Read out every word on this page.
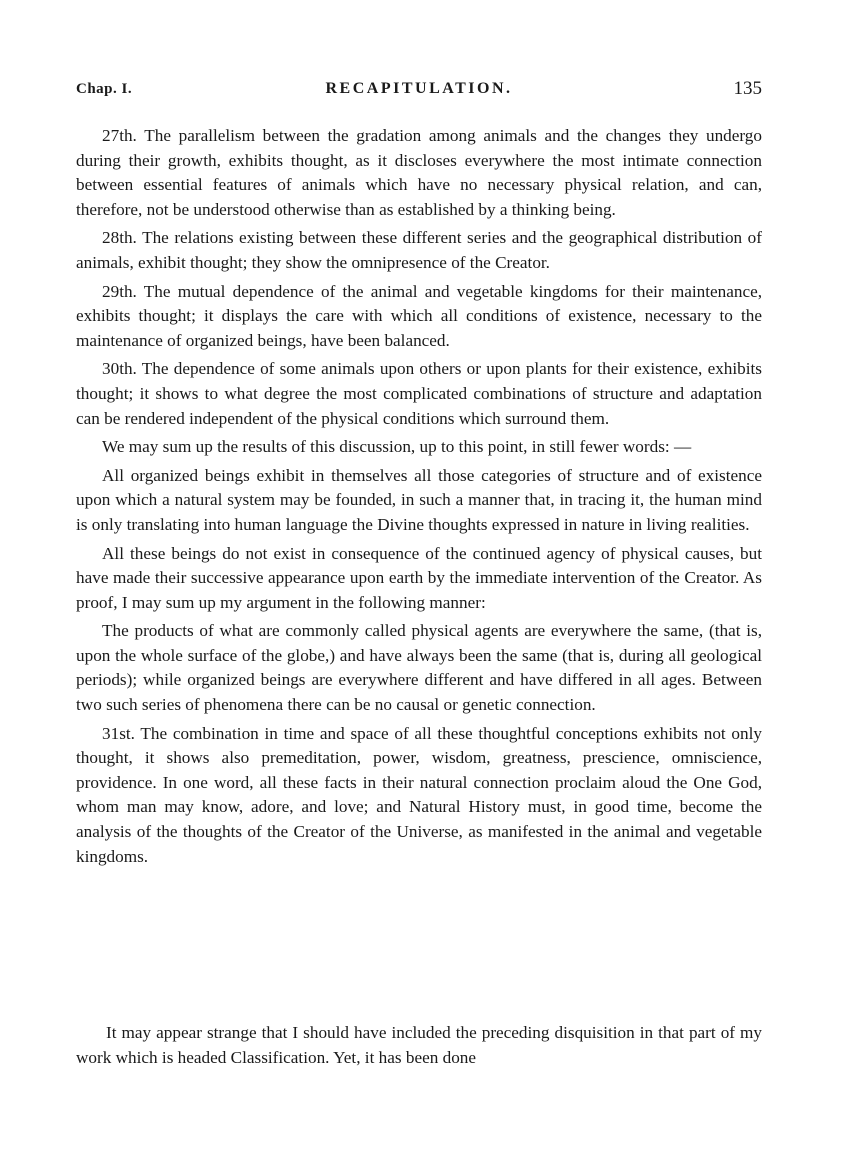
Chap. I.	RECAPITULATION.	135

27th. The parallelism between the gradation among animals and the changes they undergo during their growth, exhibits thought, as it discloses everywhere the most intimate connection between essential features of animals which have no necessary physical relation, and can, therefore, not be understood otherwise than as established by a thinking being.

28th. The relations existing between these different series and the geographical distribution of animals, exhibit thought; they show the omnipresence of the Creator.

29th. The mutual dependence of the animal and vegetable kingdoms for their maintenance, exhibits thought; it displays the care with which all conditions of existence, necessary to the maintenance of organized beings, have been balanced.

30th. The dependence of some animals upon others or upon plants for their existence, exhibits thought; it shows to what degree the most complicated combinations of structure and adaptation can be rendered independent of the physical conditions which surround them.

We may sum up the results of this discussion, up to this point, in still fewer words: —

All organized beings exhibit in themselves all those categories of structure and of existence upon which a natural system may be founded, in such a manner that, in tracing it, the human mind is only translating into human language the Divine thoughts expressed in nature in living realities.

All these beings do not exist in consequence of the continued agency of physical causes, but have made their successive appearance upon earth by the immediate intervention of the Creator. As proof, I may sum up my argument in the following manner:

The products of what are commonly called physical agents are everywhere the same, (that is, upon the whole surface of the globe,) and have always been the same (that is, during all geological periods); while organized beings are everywhere different and have differed in all ages. Between two such series of phenomena there can be no causal or genetic connection.

31st. The combination in time and space of all these thoughtful conceptions exhibits not only thought, it shows also premeditation, power, wisdom, greatness, prescience, omniscience, providence. In one word, all these facts in their natural connection proclaim aloud the One God, whom man may know, adore, and love; and Natural History must, in good time, become the analysis of the thoughts of the Creator of the Universe, as manifested in the animal and vegetable kingdoms.

It may appear strange that I should have included the preceding disquisition in that part of my work which is headed Classification. Yet, it has been done
